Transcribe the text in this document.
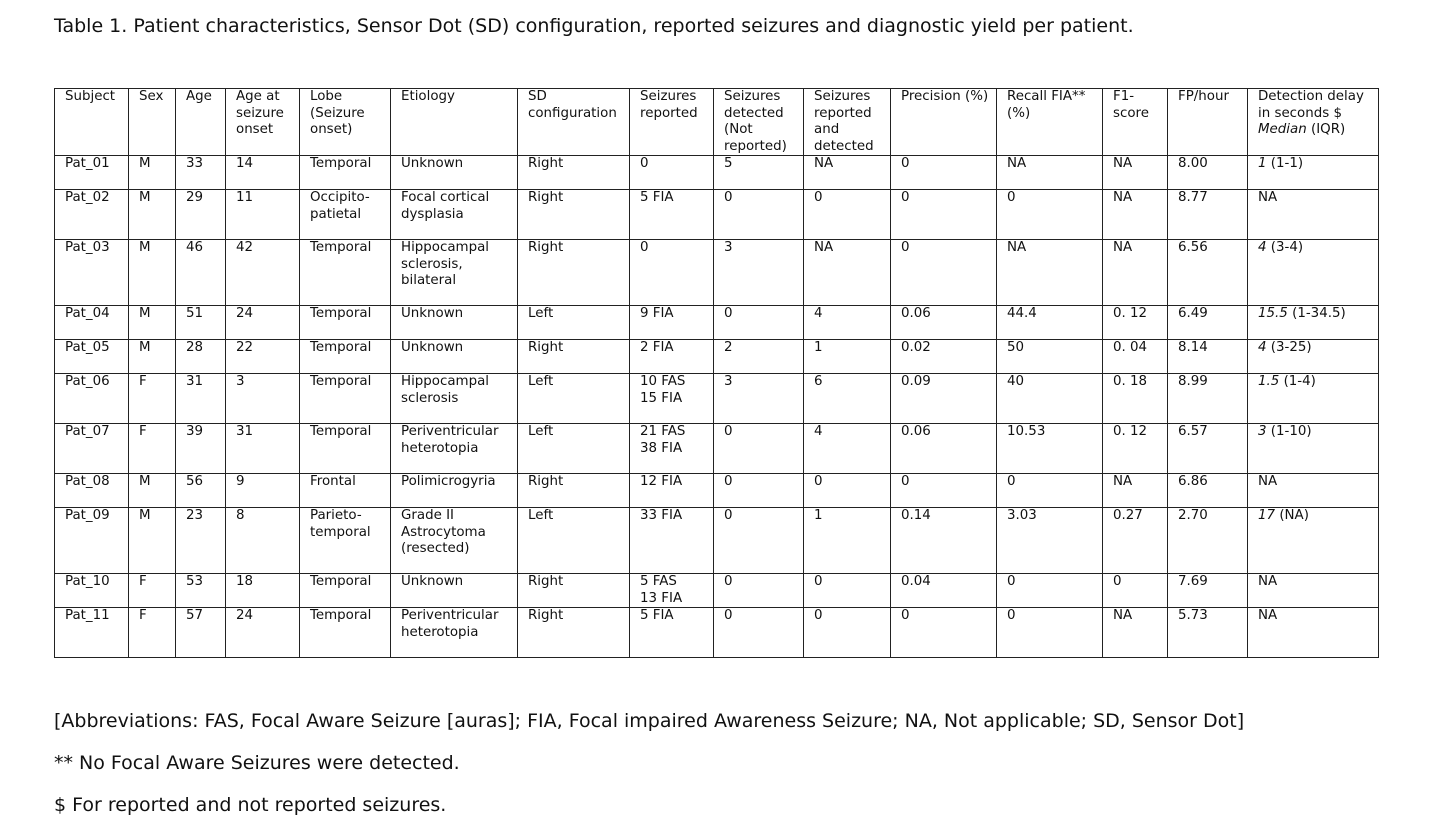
Table 1. Patient characteristics, Sensor Dot (SD) configuration, reported seizures and diagnostic yield per patient.
Subject	Sex	Age	Age at seizure onset	Lobe (Seizure onset)	Etiology	SD configuration	Seizures reported	Seizures detected (Not reported)	Seizures reported and detected	Precision (%)	Recall FIA** (%)	F1-score	FP/hour	Detection delay in seconds $
Median (IQR)
Pat_01	M	33	14	Temporal	Unknown	Right	0	5	NA	0	NA	NA	8.00	1 (1-1)
Pat_02	M	29	11	Occipito-
patietal	Focal cortical
dysplasia	Right	5 FIA	0	0	0	0	NA	8.77	NA
Pat_03	M	46	42	Temporal	Hippocampal
sclerosis,
bilateral	Right	0	3	NA	0	NA	NA	6.56	4 (3-4)
Pat_04	M	51	24	Temporal	Unknown	Left	9 FIA	0	4	0.06	44.4	0. 12	6.49	15.5 (1-34.5)
Pat_05	M	28	22	Temporal	Unknown	Right	2 FIA	2	1	0.02	50	0. 04	8.14	4 (3-25)
Pat_06	F	31	3	Temporal	Hippocampal
sclerosis	Left	10 FAS
15 FIA	3	6	0.09	40	0. 18	8.99	1.5 (1-4)
Pat_07	F	39	31	Temporal	Periventricular
heterotopia	Left	21 FAS
38 FIA	0	4	0.06	10.53	0. 12	6.57	3 (1-10)
Pat_08	M	56	9	Frontal	Polimicrogyria	Right	12 FIA	0	0	0	0	NA	6.86	NA
Pat_09	M	23	8	Parieto-
temporal	Grade II
Astrocytoma
(resected)	Left	33 FIA	0	1	0.14	3.03	0.27	2.70	17 (NA)
Pat_10	F	53	18	Temporal	Unknown	Right	5 FAS
13 FIA	0	0	0.04	0	0	7.69	NA
Pat_11	F	57	24	Temporal	Periventricular
heterotopia	Right	5 FIA	0	0	0	0	NA	5.73	NA
[Abbreviations: FAS, Focal Aware Seizure [auras]; FIA, Focal impaired Awareness Seizure; NA, Not applicable; SD, Sensor Dot]
** No Focal Aware Seizures were detected.
$ For reported and not reported seizures.
